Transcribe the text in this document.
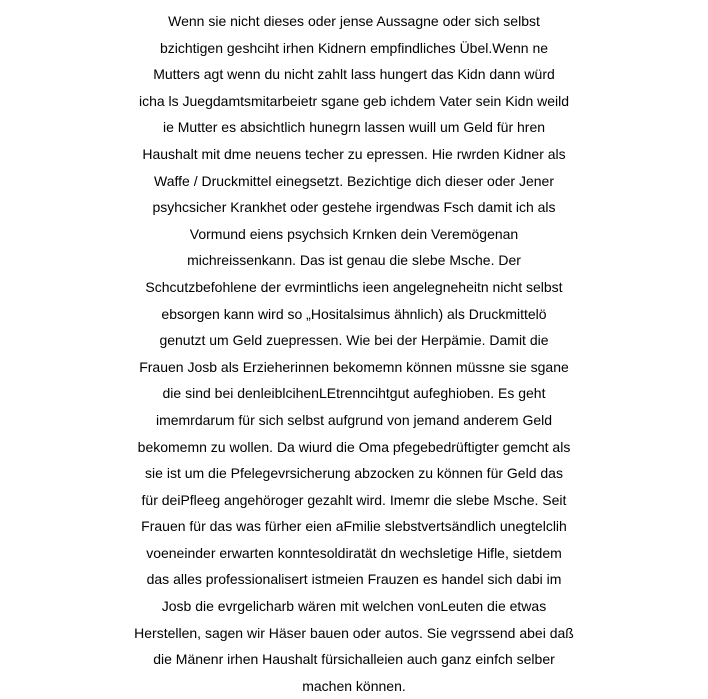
Wenn sie nicht dieses oder jense Aussagne oder sich selbst
bzichtigen geshciht irhen Kidnern empfindliches Übel.Wenn ne
Mutters agt wenn du nicht zahlt lass hungert das Kidn dann würd
icha ls Juegdamtsmitarbeietr sgane geb ichdem Vater sein Kidn weild
ie Mutter es absichtlich hunegrn lassen wuill um Geld für hren
Haushalt mit dme neuens techer zu epressen. Hie rwrden Kidner als
Waffe / Druckmittel einegsetzt. Bezichtige dich dieser oder Jener
psyhcsicher Krankhet oder gestehe irgendwas Fsch damit ich als
Vormund eiens psychsich Krnken dein Veremögenan
michreissenkann. Das ist genau die slebe Msche. Der
Schcutzbefohlene der evrmintlichs ieen angelegneheitn nicht selbst
ebsorgen kann wird so „Hositalsimus ähnlich) als Druckmittelö
genutzt um Geld zuepressen. Wie bei der Herpämie. Damit die
Frauen Josb als Erzieherinnen bekomemn können müssne sie sgane
die sind bei denleiblcihenLEtrenncihtgut aufeghioben. Es geht
imemrdarum für sich selbst aufgrund von jemand anderem Geld
bekomemn zu wollen. Da wiurd die Oma pfegebedrüftigter gemcht als
sie ist um die Pfelegevrsicherung abzocken zu können für Geld das
für deiPfleeg angehöroger gezahlt wird. Imemr die slebe Msche. Seit
Frauen für das was fürher eien aFmilie slebstvertsändlich unegtelclih
voeneinder erwarten konntesoldiratät dn wechsletige Hifle, sietdem
das alles professionalisert istmeien Frauzen es handel sich dabi im
Josb die evrgelicharb wären mit welchen vonLeuten die etwas
Herstellen, sagen wir Häser bauen oder autos. Sie vegrssend abei daß
die Mänenr irhen Haushalt fürsichalleien auch ganz einfch selber
machen können.
